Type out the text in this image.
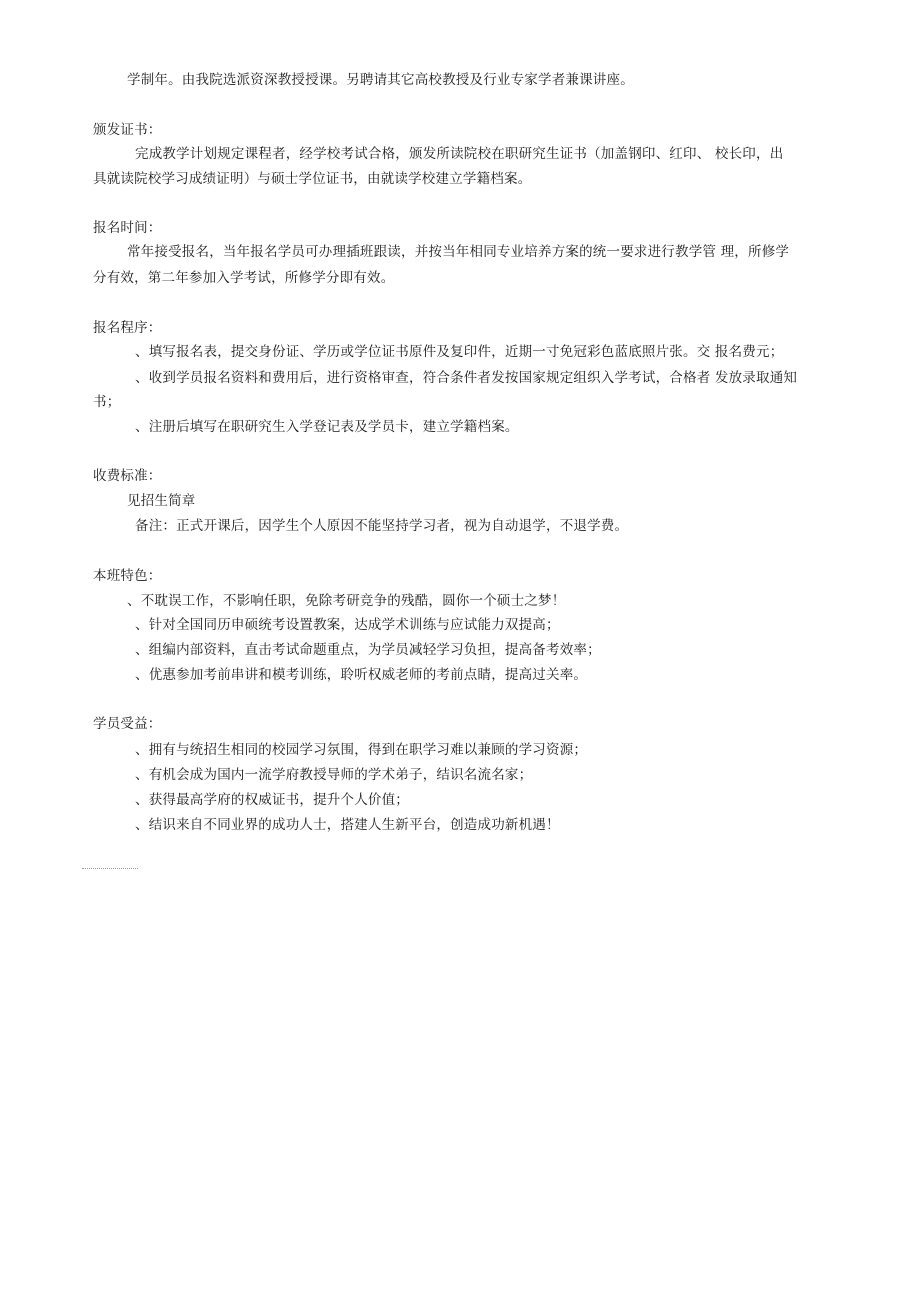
学制年。由我院选派资深教授授课。另聘请其它高校教授及行业专家学者兼课讲座。
颁发证书：
完成教学计划规定课程者，经学校考试合格，颁发所读院校在职研究生证书（加盖钢印、红印、 校长印，出
具就读院校学习成绩证明）与硕士学位证书，由就读学校建立学籍档案。
报名时间：
常年接受报名，当年报名学员可办理插班跟读，并按当年相同专业培养方案的统一要求进行教学管 理，所修学
分有效，第二年参加入学考试，所修学分即有效。
报名程序：
、填写报名表，提交身份证、学历或学位证书原件及复印件，近期一寸免冠彩色蓝底照片张。交 报名费元；
、收到学员报名资料和费用后，进行资格审查，符合条件者发按国家规定组织入学考试，合格者 发放录取通知
书；
、注册后填写在职研究生入学登记表及学员卡，建立学籍档案。
收费标准：
见招生简章
备注：正式开课后，因学生个人原因不能坚持学习者，视为自动退学，不退学费。
本班特色：
、不耽误工作，不影响任职，免除考研竞争的残酷，圆你一个硕士之梦！
、针对全国同历申硕统考设置教案，达成学术训练与应试能力双提高；
、组编内部资料，直击考试命题重点，为学员减轻学习负担，提高备考效率；
、优惠参加考前串讲和模考训练，聆听权威老师的考前点睛，提高过关率。
学员受益：
、拥有与统招生相同的校园学习氛围，得到在职学习难以兼顾的学习资源；
、有机会成为国内一流学府教授导师的学术弟子，结识名流名家；
、获得最高学府的权威证书，提升个人价值；
、结识来自不同业界的成功人士，搭建人生新平台，创造成功新机遇！
